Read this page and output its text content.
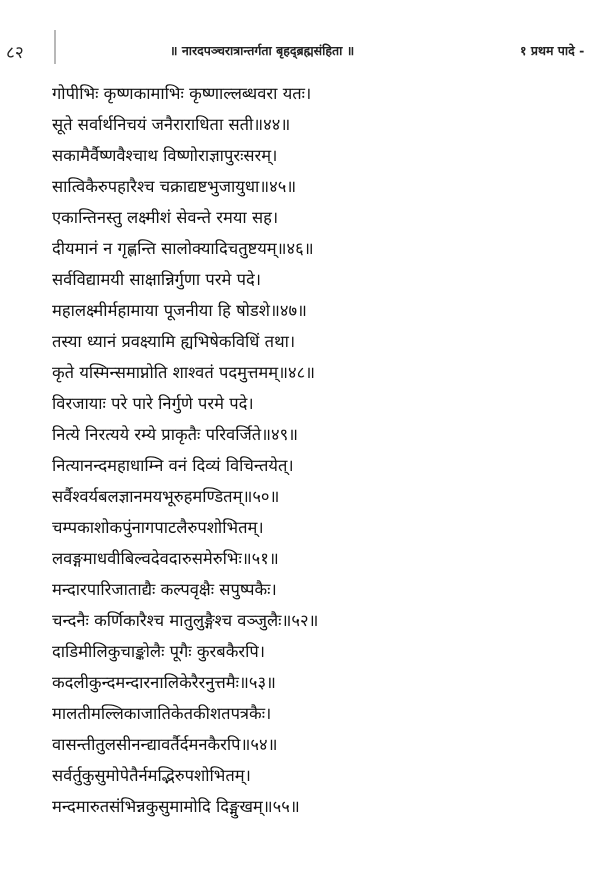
८२	॥ नारदपञ्चरात्रान्तर्गता बृहद्ब्रह्मसंहिता ॥	१ प्रथम पादे -
गोपीभिः कृष्णकामाभिः कृष्णाल्लब्धवरा यतः।
सूते सर्वार्थनिचयं जनैराराधिता सती॥४४॥
सकामैर्वैष्णवैश्चाथ विष्णोराज्ञापुरःसरम्।
सात्विकैरुपहारैश्च चक्राद्यष्टभुजायुधा॥४५॥
एकान्तिनस्तु लक्ष्मीशं सेवन्ते रमया सह।
दीयमानं न गृह्णन्ति सालोक्यादिचतुष्टयम्॥४६॥
सर्वविद्यामयी साक्षान्निर्गुणा परमे पदे।
महालक्ष्मीर्महामाया पूजनीया हि षोडशे॥४७॥
तस्या ध्यानं प्रवक्ष्यामि ह्यभिषेकविधिं तथा।
कृते यस्मिन्समाप्नोति शाश्वतं पदमुत्तमम्॥४८॥
विरजायाः परे पारे निर्गुणे परमे पदे।
नित्ये निरत्यये रम्ये प्राकृतैः परिवर्जिते॥४९॥
नित्यानन्दमहाधाम्नि वनं दिव्यं विचिन्तयेत्।
सर्वैश्वर्यबलज्ञानमयभूरुहमण्डितम्॥५०॥
चम्पकाशोकपुंनागपाटलैरुपशोभितम्।
लवङ्गमाधवीबिल्वदेवदारुसमेरुभिः॥५१॥
मन्दारपारिजाताद्यैः कल्पवृक्षैः सपुष्पकैः।
चन्दनैः कर्णिकारैश्च मातुलुङ्गैश्च वञ्जुलैः॥५२॥
दाडिमीलिकुचाङ्कोलैः पूगैः कुरबकैरपि।
कदलीकुन्दमन्दारनालिकेरैरनुत्तमैः॥५३॥
मालतीमल्लिकाजातिकेतकीशतपत्रकैः।
वासन्तीतुलसीनन्द्यावर्तैर्दमनकैरपि॥५४॥
सर्वर्तुकुसुमोपेतैर्नमद्भिरुपशोभितम्।
मन्दमारुतसंभिन्नकुसुमामोदि दिङ्मुखम्॥५५॥
